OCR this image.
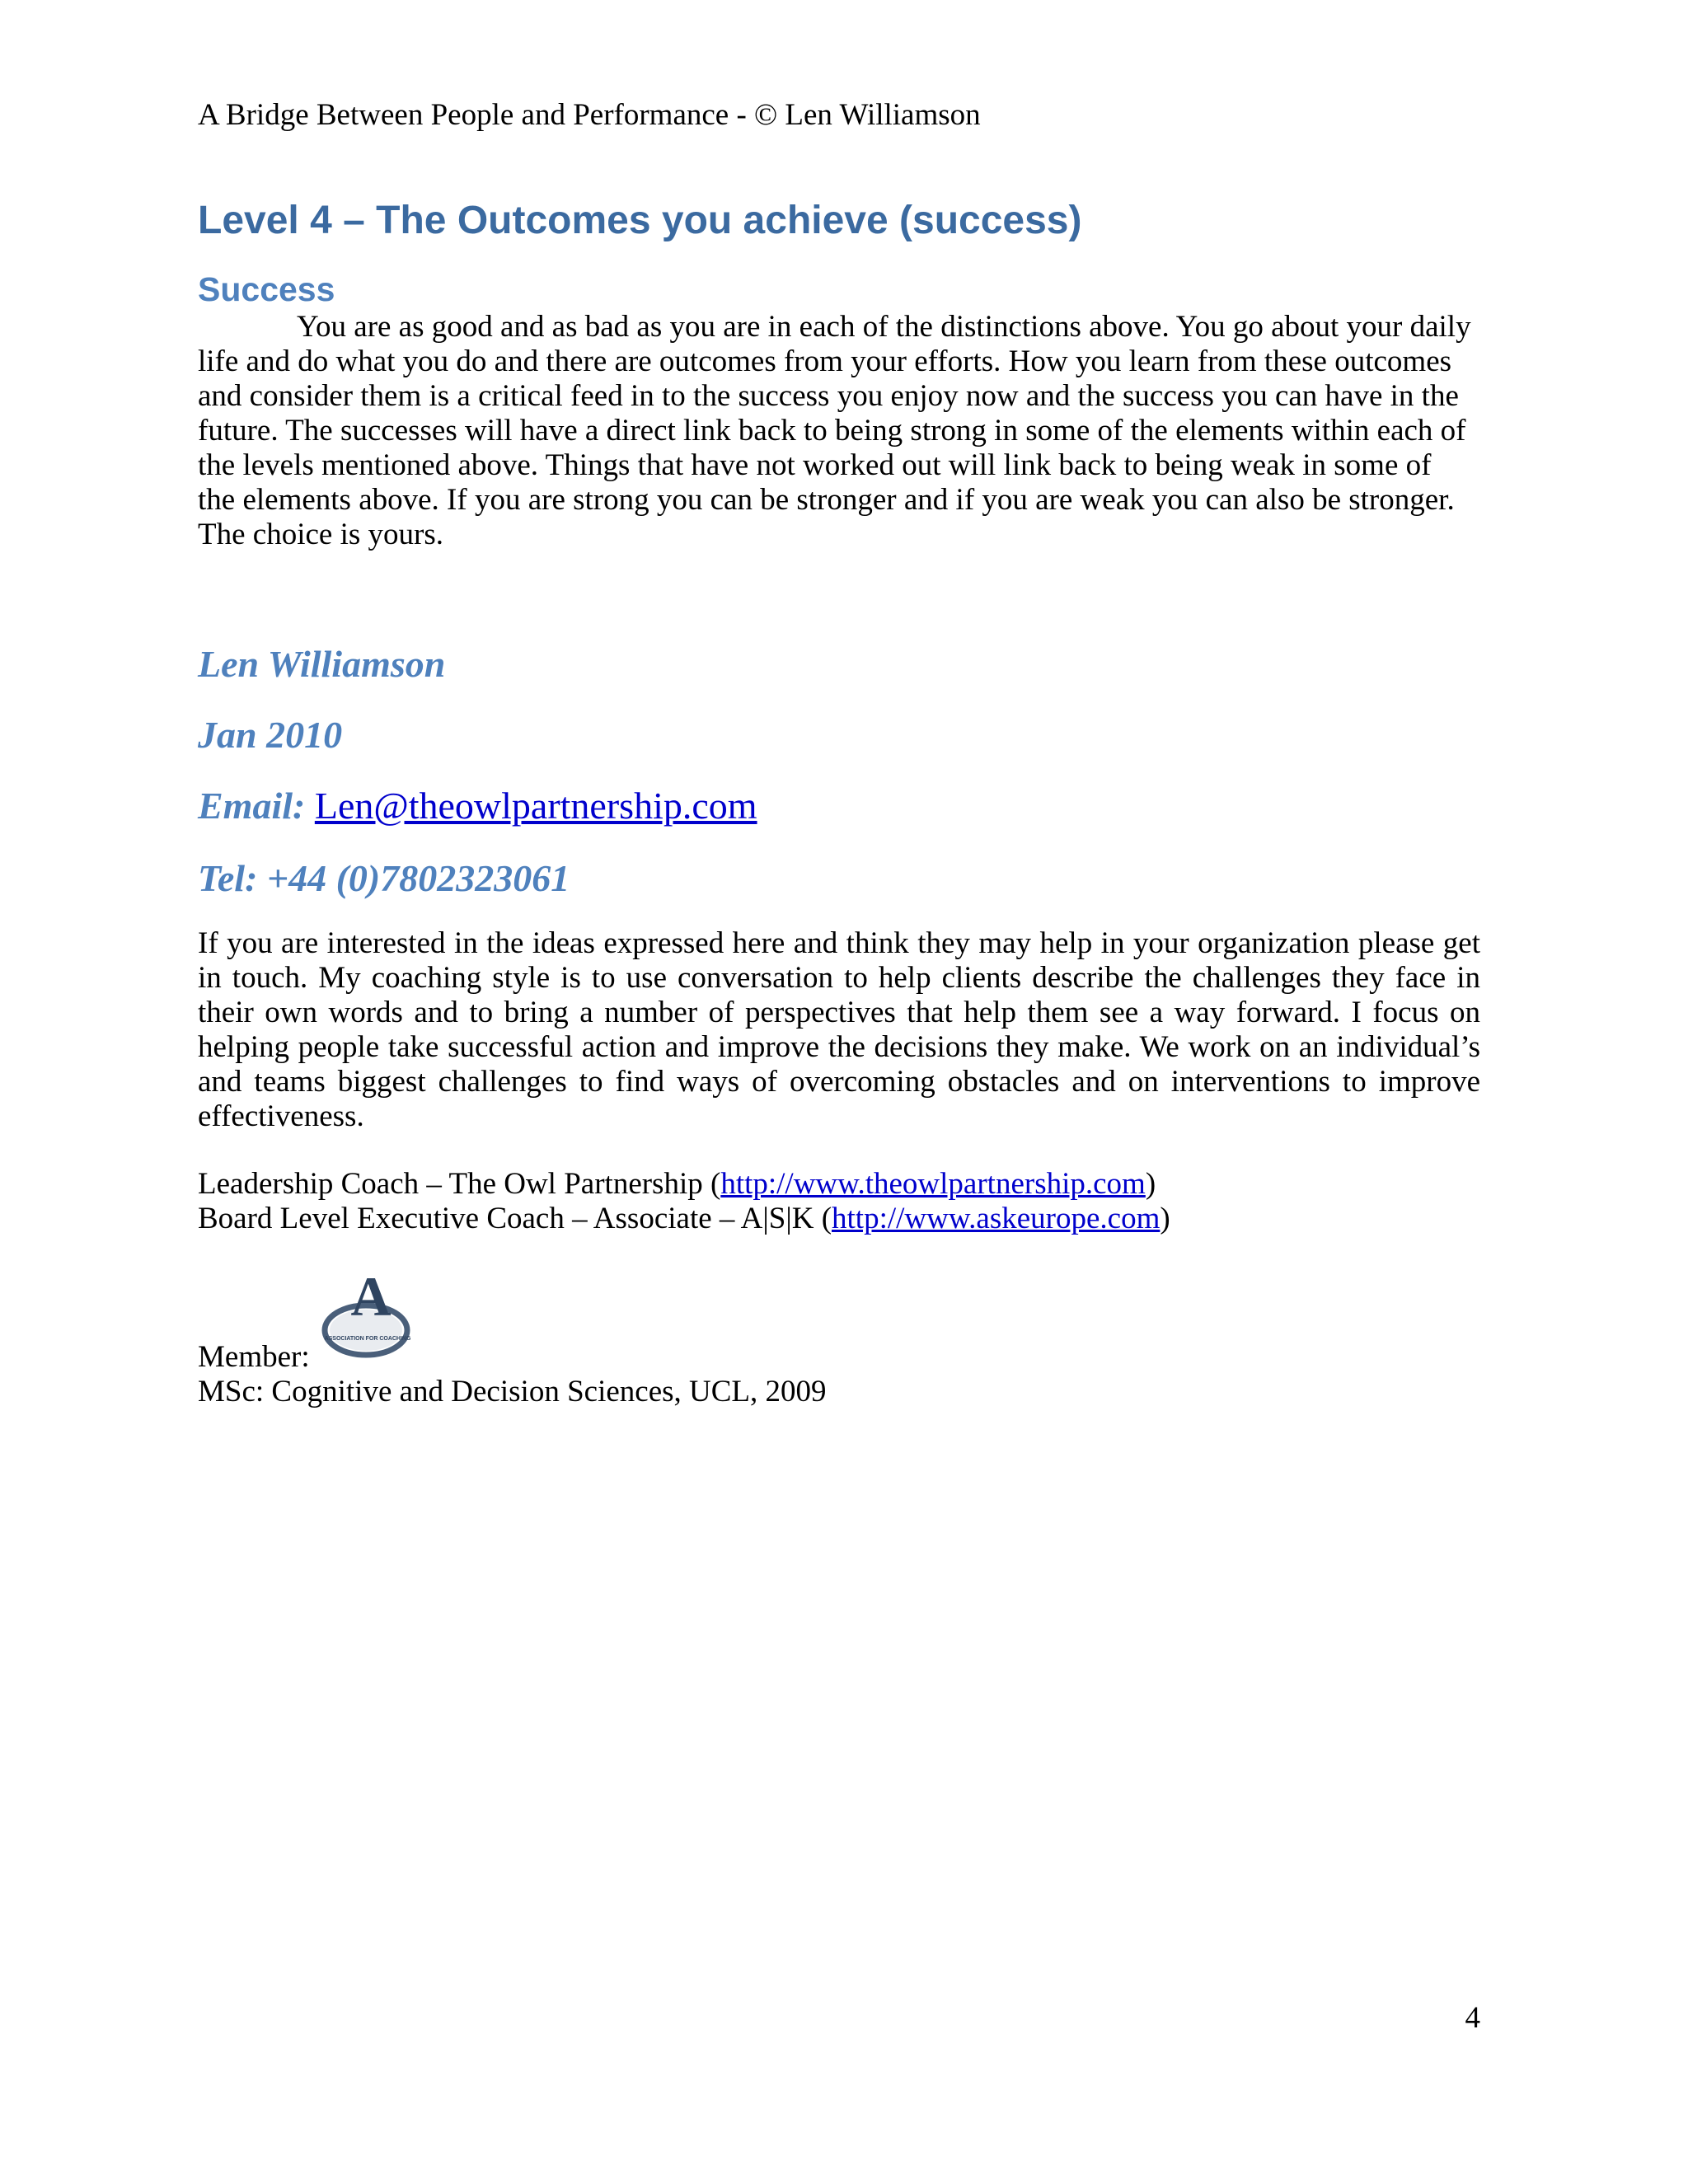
A Bridge Between People and Performance - © Len Williamson
Level 4 – The Outcomes you achieve (success)
Success
You are as good and as bad as you are in each of the distinctions above. You go about your daily life and do what you do and there are outcomes from your efforts. How you learn from these outcomes and consider them is a critical feed in to the success you enjoy now and the success you can have in the future. The successes will have a direct link back to being strong in some of the elements within each of the levels mentioned above. Things that have not worked out will link back to being weak in some of the elements above. If you are strong you can be stronger and if you are weak you can also be stronger. The choice is yours.
Len Williamson
Jan 2010
Email: Len@theowlpartnership.com
Tel: +44 (0)7802323061
If you are interested in the ideas expressed here and think they may help in your organization please get in touch. My coaching style is to use conversation to help clients describe the challenges they face in their own words and to bring a number of perspectives that help them see a way forward. I focus on helping people take successful action and improve the decisions they make. We work on an individual’s and teams biggest challenges to find ways of overcoming obstacles and on interventions to improve effectiveness.
Leadership Coach – The Owl Partnership (http://www.theowlpartnership.com)
Board Level Executive Coach – Associate – A|S|K (http://www.askeurope.com)
A
ASSOCIATION FOR COACHING
Member:
MSc: Cognitive and Decision Sciences, UCL, 2009
4
